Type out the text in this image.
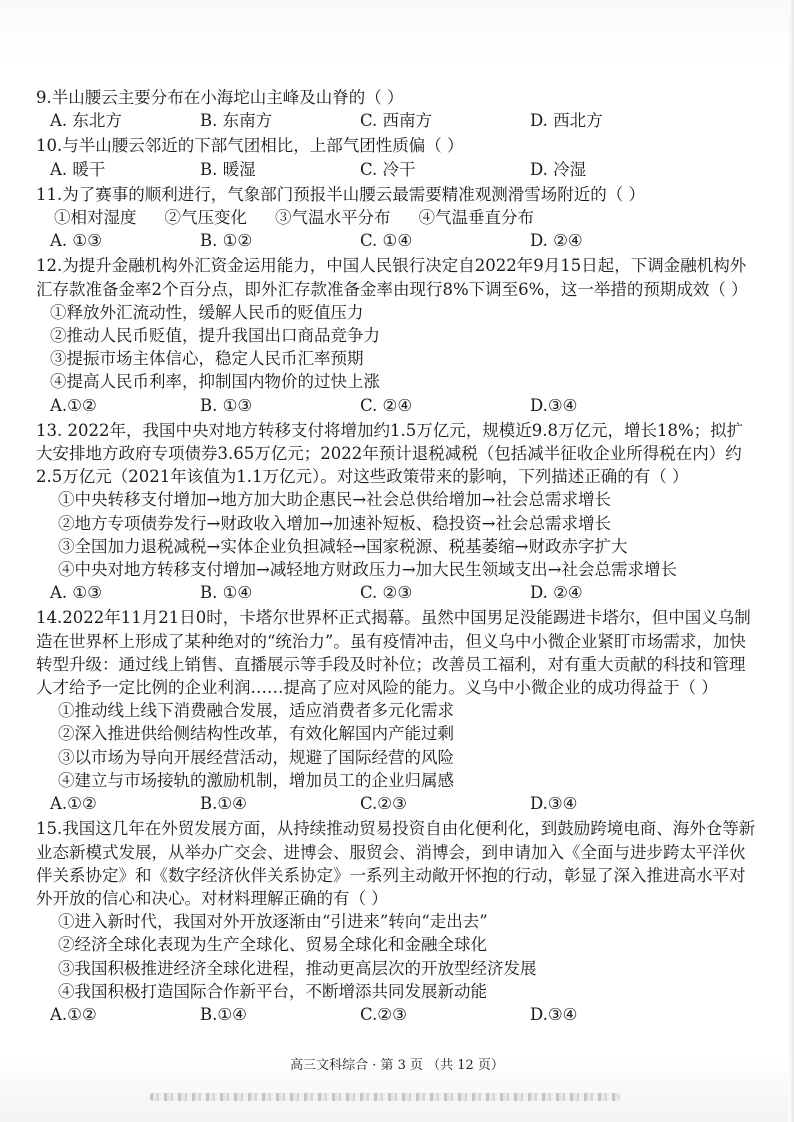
9.半山腰云主要分布在小海坨山主峰及山脊的（ ）

A. 东北方	B. 东南方	C. 西南方	D. 西北方

10.与半山腰云邻近的下部气团相比，上部气团性质偏（ ）

A. 暖干	B. 暖湿	C. 冷干	D. 冷湿

11.为了赛事的顺利进行，气象部门预报半山腰云最需要精准观测滑雪场附近的（ ）

①相对湿度 ②气压变化 ③气温水平分布 ④气温垂直分布
A. ①③	B. ①②	C. ①④	D. ②④

12.为提升金融机构外汇资金运用能力，中国人民银行决定自2022年9月15日起，下调金融机构外汇存款准备金率2个百分点，即外汇存款准备金率由现行8%下调至6%，这一举措的预期成效（ ）

①释放外汇流动性，缓解人民币的贬值压力

②推动人民币贬值，提升我国出口商品竞争力

③提振市场主体信心，稳定人民币汇率预期

④提高人民币利率，抑制国内物价的过快上涨

A.①②	B. ①③	C. ②④	D.③④

13. 2022年，我国中央对地方转移支付将增加约1.5万亿元，规模近9.8万亿元，增长18%；拟扩大安排地方政府专项债券3.65万亿元；2022年预计退税减税（包括减半征收企业所得税在内）约2.5万亿元（2021年该值为1.1万亿元）。对这些政策带来的影响，下列描述正确的有（ ）

①中央转移支付增加→地方加大助企惠民→社会总供给增加→社会总需求增长

②地方专项债券发行→财政收入增加→加速补短板、稳投资→社会总需求增长

③全国加力退税减税→实体企业负担减轻→国家税源、税基萎缩→财政赤字扩大

④中央对地方转移支付增加→减轻地方财政压力→加大民生领域支出→社会总需求增长

A. ①③	B. ①④	C. ②③	D. ②④

14.2022年11月21日0时，卡塔尔世界杯正式揭幕。虽然中国男足没能踢进卡塔尔，但中国义乌制造在世界杯上形成了某种绝对的“统治力”。虽有疫情冲击，但义乌中小微企业紧盯市场需求，加快转型升级：通过线上销售、直播展示等手段及时补位；改善员工福利，对有重大贡献的科技和管理人才给予一定比例的企业利润……提高了应对风险的能力。义乌中小微企业的成功得益于（ ）

①推动线上线下消费融合发展，适应消费者多元化需求

②深入推进供给侧结构性改革，有效化解国内产能过剩

③以市场为导向开展经营活动，规避了国际经营的风险

④建立与市场接轨的激励机制，增加员工的企业归属感

A.①②	B.①④	C.②③	D.③④

15.我国这几年在外贸发展方面，从持续推动贸易投资自由化便利化，到鼓励跨境电商、海外仓等新业态新模式发展，从举办广交会、进博会、服贸会、消博会，到申请加入《全面与进步跨太平洋伙伴关系协定》和《数字经济伙伴关系协定》一系列主动敞开怀抱的行动，彰显了深入推进高水平对外开放的信心和决心。对材料理解正确的有（ ）

①进入新时代，我国对外开放逐渐由“引进来”转向“走出去”

②经济全球化表现为生产全球化、贸易全球化和金融全球化

③我国积极推进经济全球化进程，推动更高层次的开放型经济发展

④我国积极打造国际合作新平台，不断增添共同发展新动能

A.①②	B.①④	C.②③	D.③④
高三文科综合 · 第 3 页 （共 12 页）
